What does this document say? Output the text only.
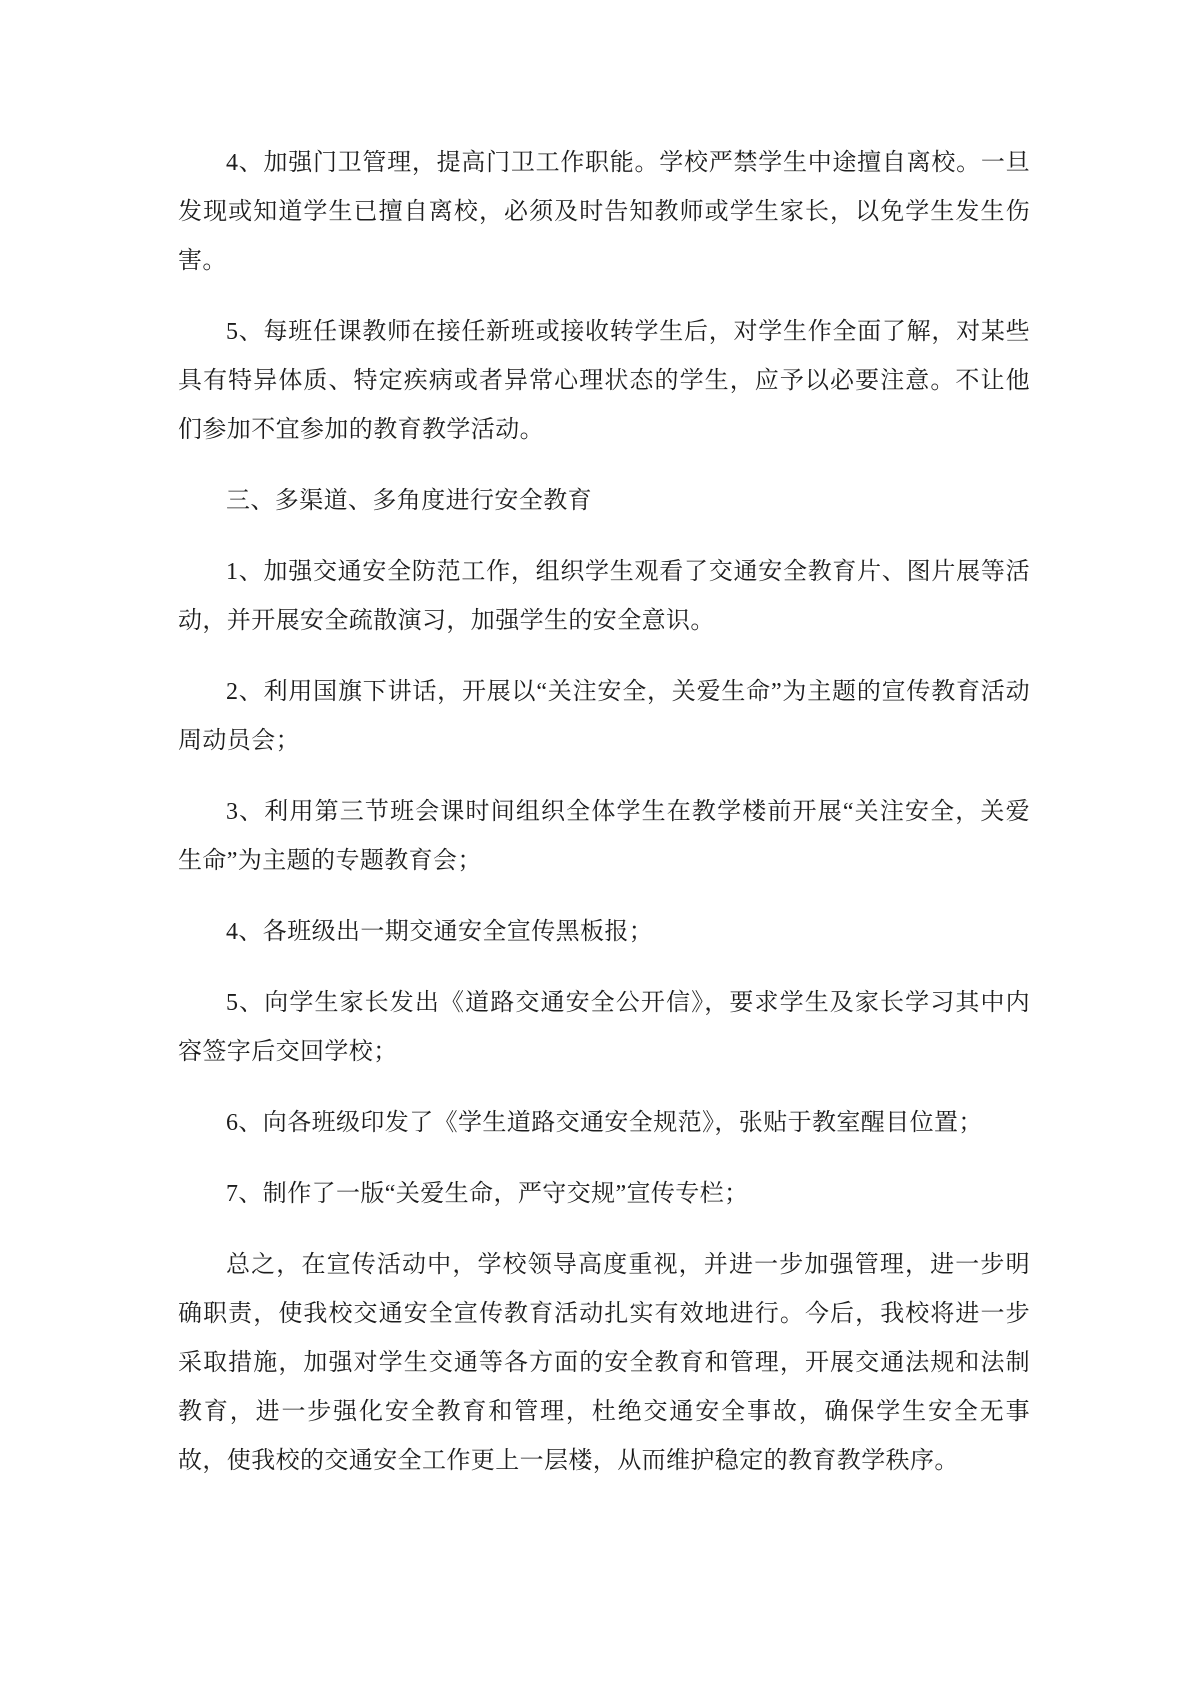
4、加强门卫管理，提高门卫工作职能。学校严禁学生中途擅自离校。一旦发现或知道学生已擅自离校，必须及时告知教师或学生家长，以免学生发生伤害。

5、每班任课教师在接任新班或接收转学生后，对学生作全面了解，对某些具有特异体质、特定疾病或者异常心理状态的学生，应予以必要注意。不让他们参加不宜参加的教育教学活动。

三、多渠道、多角度进行安全教育

1、加强交通安全防范工作，组织学生观看了交通安全教育片、图片展等活动，并开展安全疏散演习，加强学生的安全意识。

2、利用国旗下讲话，开展以“关注安全，关爱生命”为主题的宣传教育活动周动员会；

3、利用第三节班会课时间组织全体学生在教学楼前开展“关注安全，关爱生命”为主题的专题教育会；

4、各班级出一期交通安全宣传黑板报；

5、向学生家长发出《道路交通安全公开信》，要求学生及家长学习其中内容签字后交回学校；

6、向各班级印发了《学生道路交通安全规范》，张贴于教室醒目位置；

7、制作了一版“关爱生命，严守交规”宣传专栏；

总之，在宣传活动中，学校领导高度重视，并进一步加强管理，进一步明确职责，使我校交通安全宣传教育活动扎实有效地进行。今后，我校将进一步采取措施，加强对学生交通等各方面的安全教育和管理，开展交通法规和法制教育，进一步强化安全教育和管理，杜绝交通安全事故，确保学生安全无事故，使我校的交通安全工作更上一层楼，从而维护稳定的教育教学秩序。
